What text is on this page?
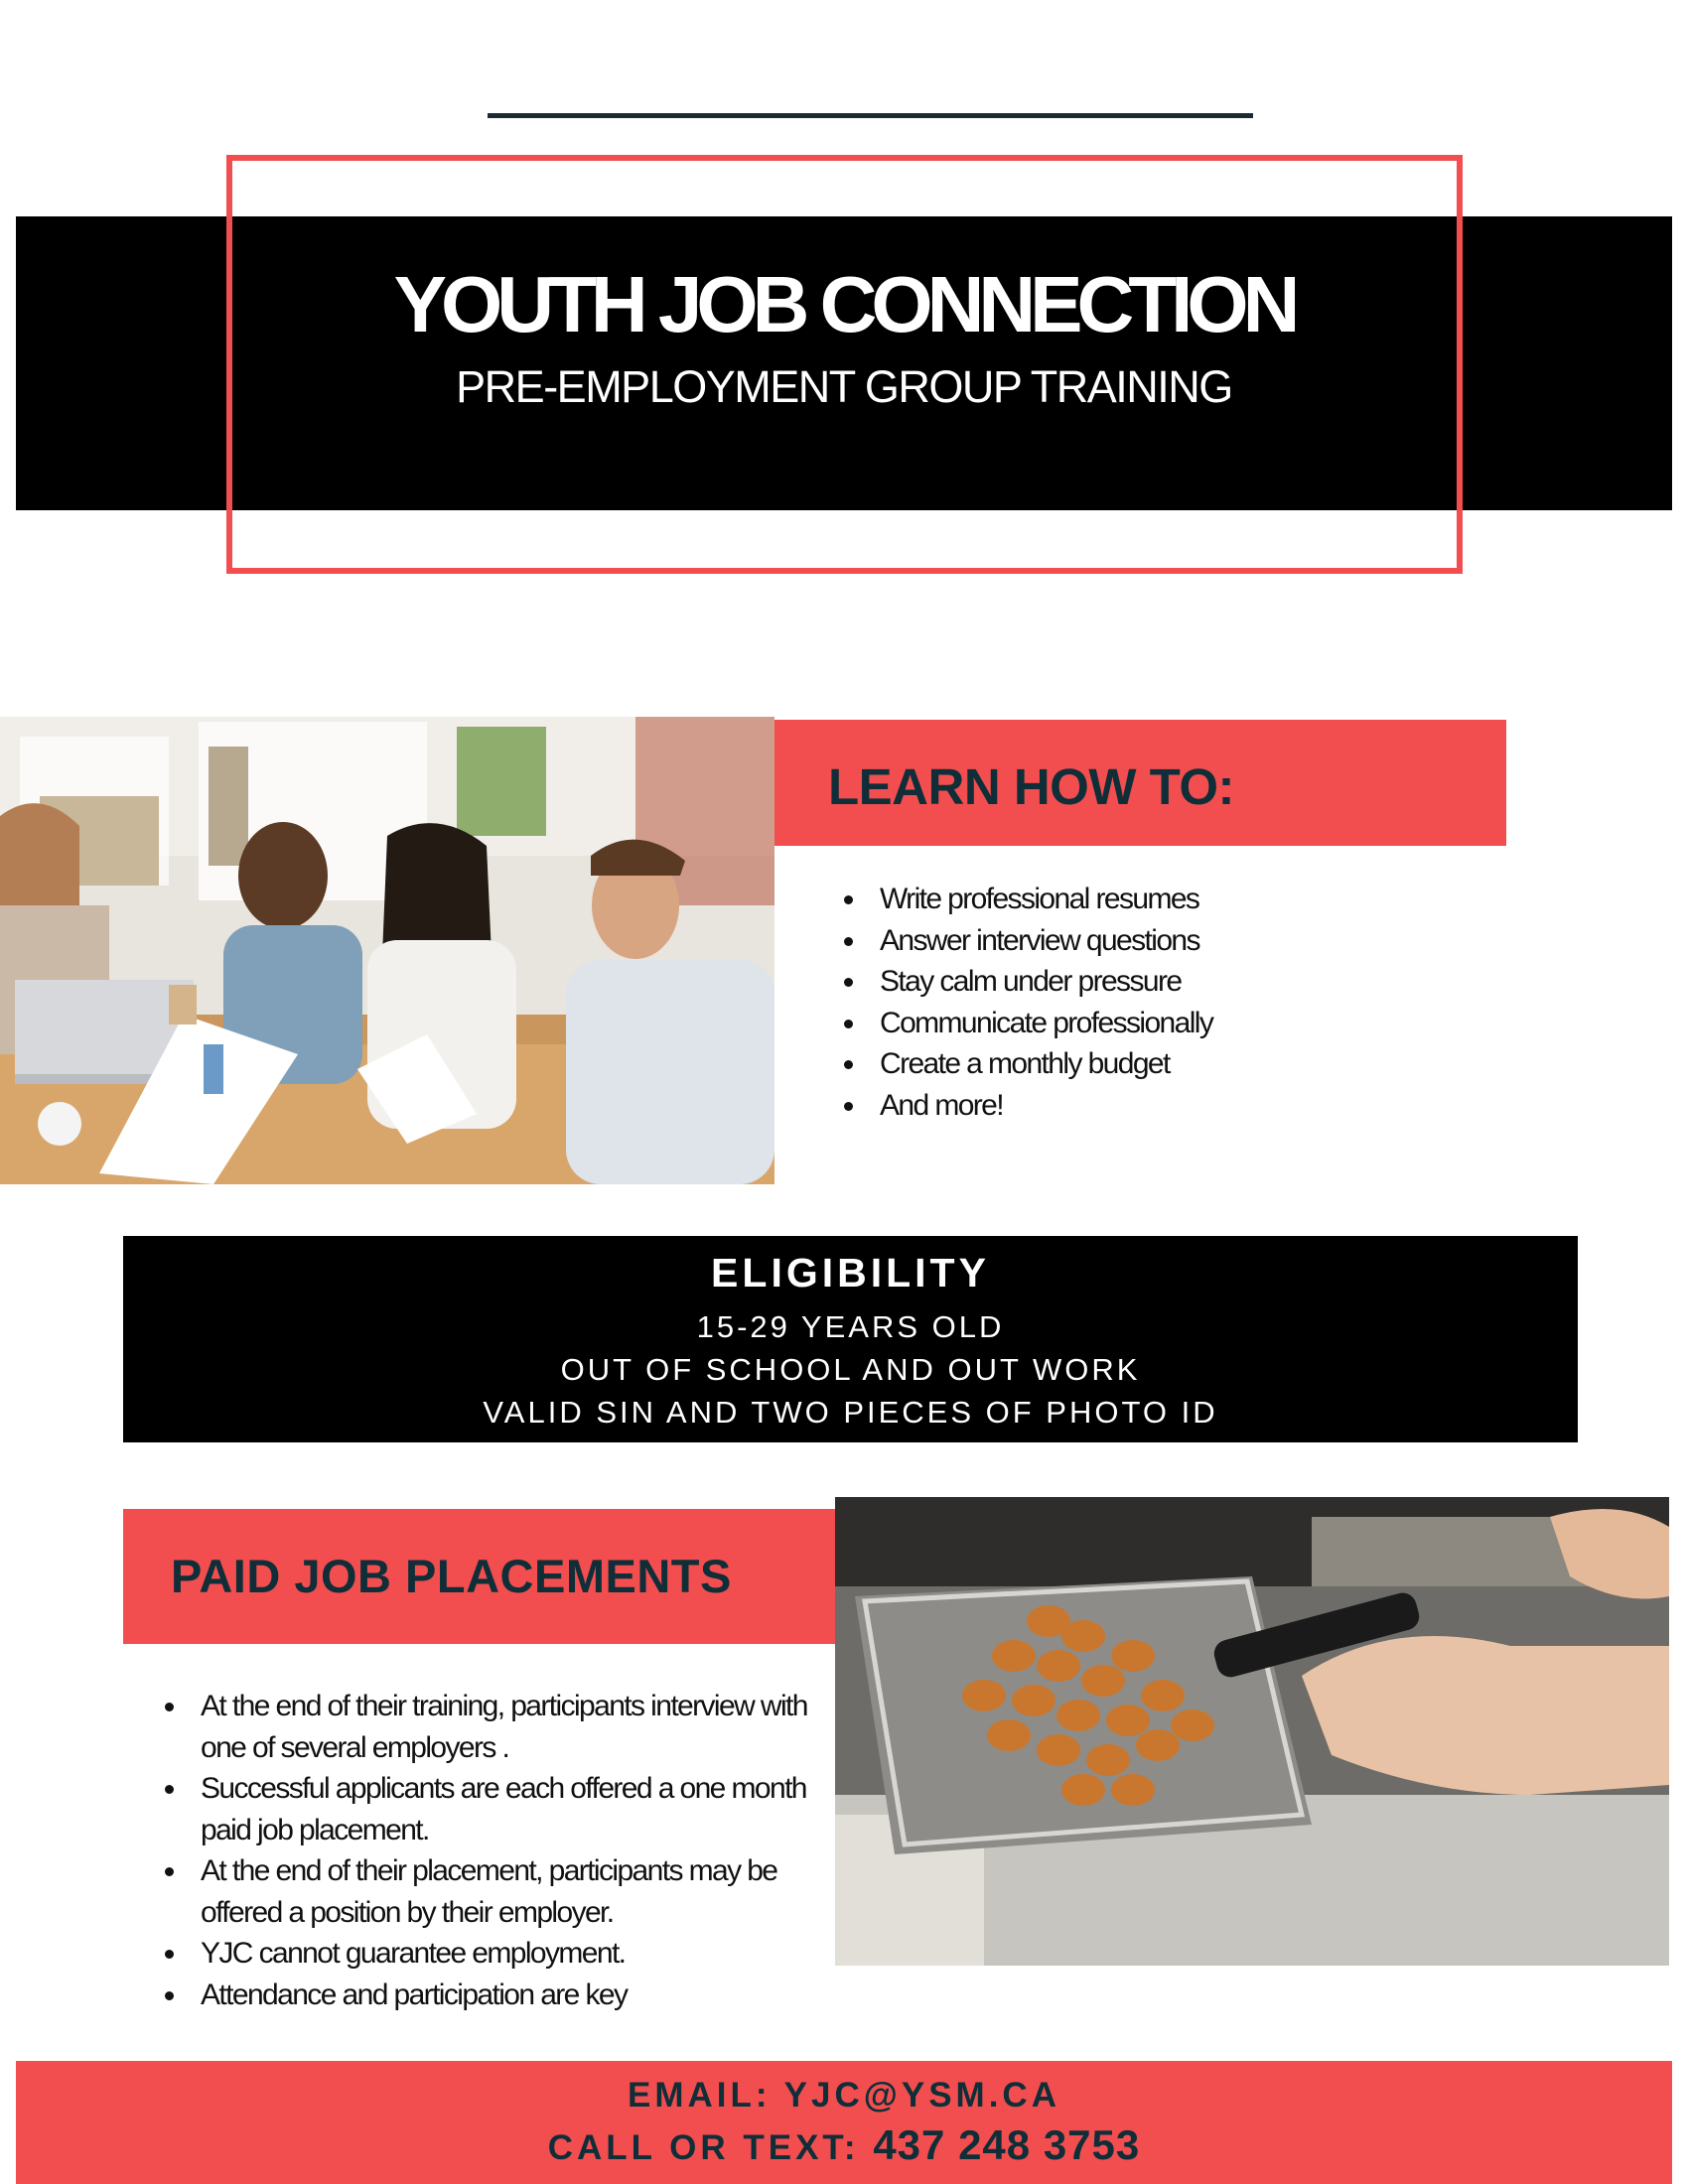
YOUTH JOB CONNECTION
PRE-EMPLOYMENT GROUP TRAINING
LEARN HOW TO:
Write professional resumes
Answer interview questions
Stay calm under pressure
Communicate professionally
Create a monthly budget
And more!
ELIGIBILITY
15-29 YEARS OLD
OUT OF SCHOOL AND OUT WORK
VALID SIN AND TWO PIECES OF PHOTO ID
PAID JOB PLACEMENTS
At the end of their training, participants interview with one of several employers .
Successful applicants are each offered a one month paid job placement.
At the end of their placement, participants may be offered a position by their employer.
YJC cannot guarantee employment.
Attendance and participation are key
EMAIL: YJC@YSM.CA
CALL OR TEXT: 437 248 3753
